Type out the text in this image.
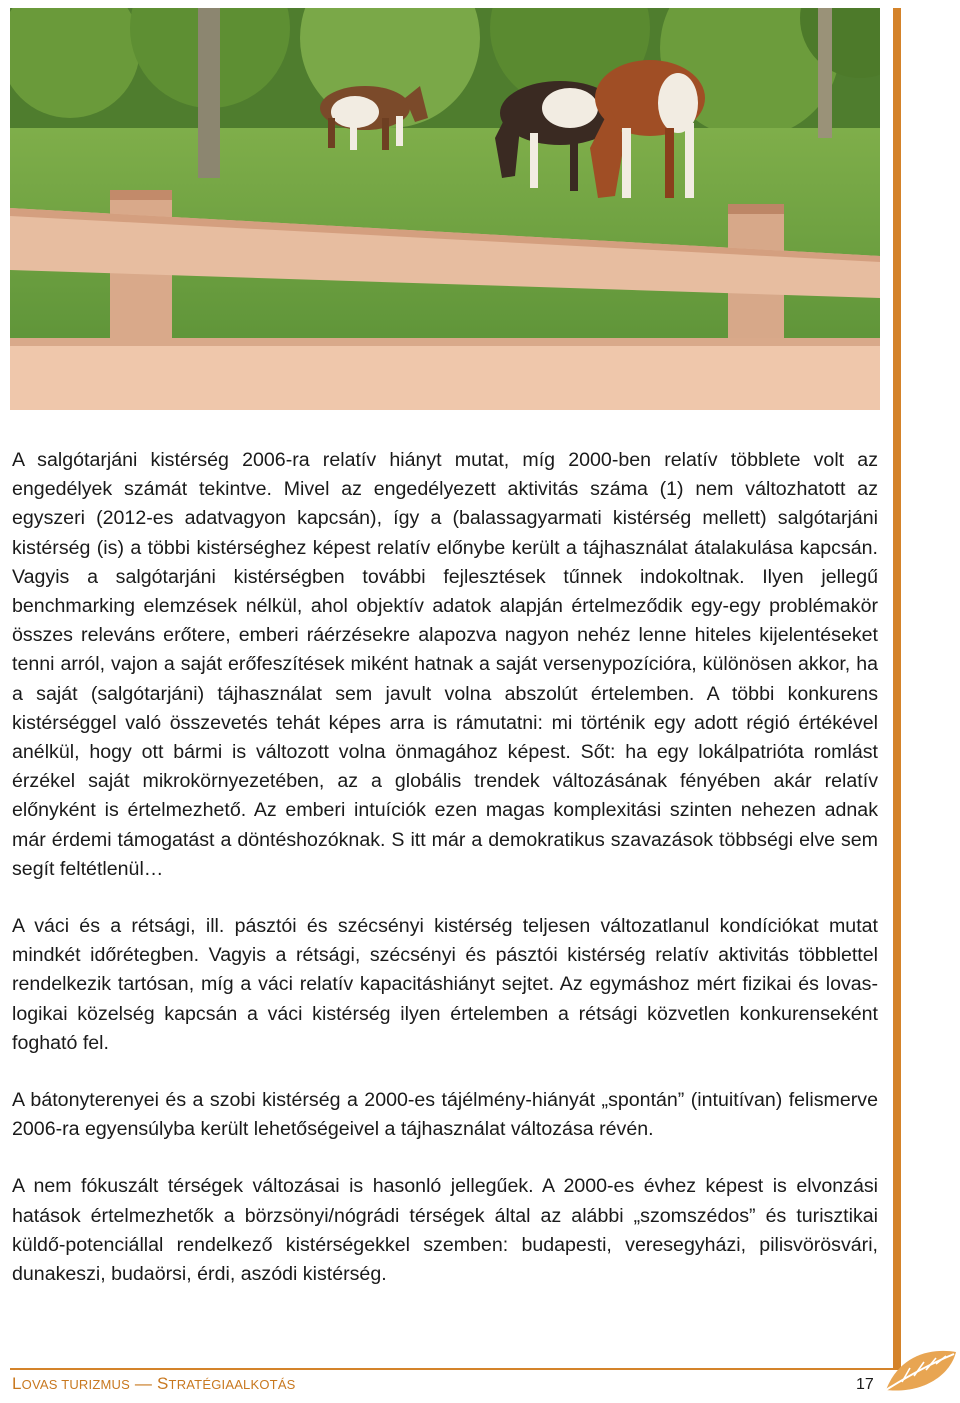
A salgótarjáni kistérség 2006-ra relatív hiányt mutat, míg 2000-ben relatív többlete volt az engedélyek számát tekintve. Mivel az engedélyezett aktivitás száma (1) nem változhatott az egyszeri (2012-es adatvagyon kapcsán), így a (balassagyarmati kistérség mellett) salgótarjáni kistérség (is) a többi kistérséghez képest relatív előnybe került a tájhasználat átalakulása kapcsán. Vagyis a salgótarjáni kistérségben további fejlesztések tűnnek indokoltnak. Ilyen jellegű benchmarking elemzések nélkül, ahol objektív adatok alapján értelmeződik egy-egy problémakör összes releváns erőtere, emberi ráérzésekre alapozva nagyon nehéz lenne hiteles kijelentéseket tenni arról, vajon a saját erőfeszítések miként hatnak a saját versenypozícióra, különösen akkor, ha a saját (salgótarjáni) tájhasználat sem javult volna abszolút értelemben. A többi konkurens kistérséggel való összevetés tehát képes arra is rámutatni: mi történik egy adott régió értékével anélkül, hogy ott bármi is változott volna önmagához képest. Sőt: ha egy lokálpatrióta romlást érzékel saját mikrokörnyezetében, az a globális trendek változásának fényében akár relatív előnyként is értelmezhető. Az emberi intuíciók ezen magas komplexitási szinten nehezen adnak már érdemi támogatást a döntéshozóknak. S itt már a demokratikus szavazások többségi elve sem segít feltétlenül…

A váci és a rétsági, ill. pásztói és szécsényi kistérség teljesen változatlanul kondíciókat mutat mindkét időrétegben. Vagyis a rétsági, szécsényi és pásztói kistérség relatív aktivitás többlettel rendelkezik tartósan, míg a váci relatív kapacitáshiányt sejtet. Az egymáshoz mért fizikai és lovas-logikai közelség kapcsán a váci kistérség ilyen értelemben a rétsági közvetlen konkurenseként fogható fel.

A bátonyterenyei és a szobi kistérség a 2000-es tájélmény-hiányát „spontán” (intuitívan) felismerve 2006-ra egyensúlyba került lehetőségeivel a tájhasználat változása révén.

A nem fókuszált térségek változásai is hasonló jellegűek. A 2000-es évhez képest is elvonzási hatások értelmezhetők a börzsönyi/nógrádi térségek által az alábbi „szomszédos” és turisztikai küldő-potenciállal rendelkező kistérségekkel szemben: budapesti, veresegyházi, pilisvörösvári, dunakeszi, budaörsi, érdi, aszódi kistérség.

LOVAS TURIZMUS — STRATÉGIAALKOTÁS	17
